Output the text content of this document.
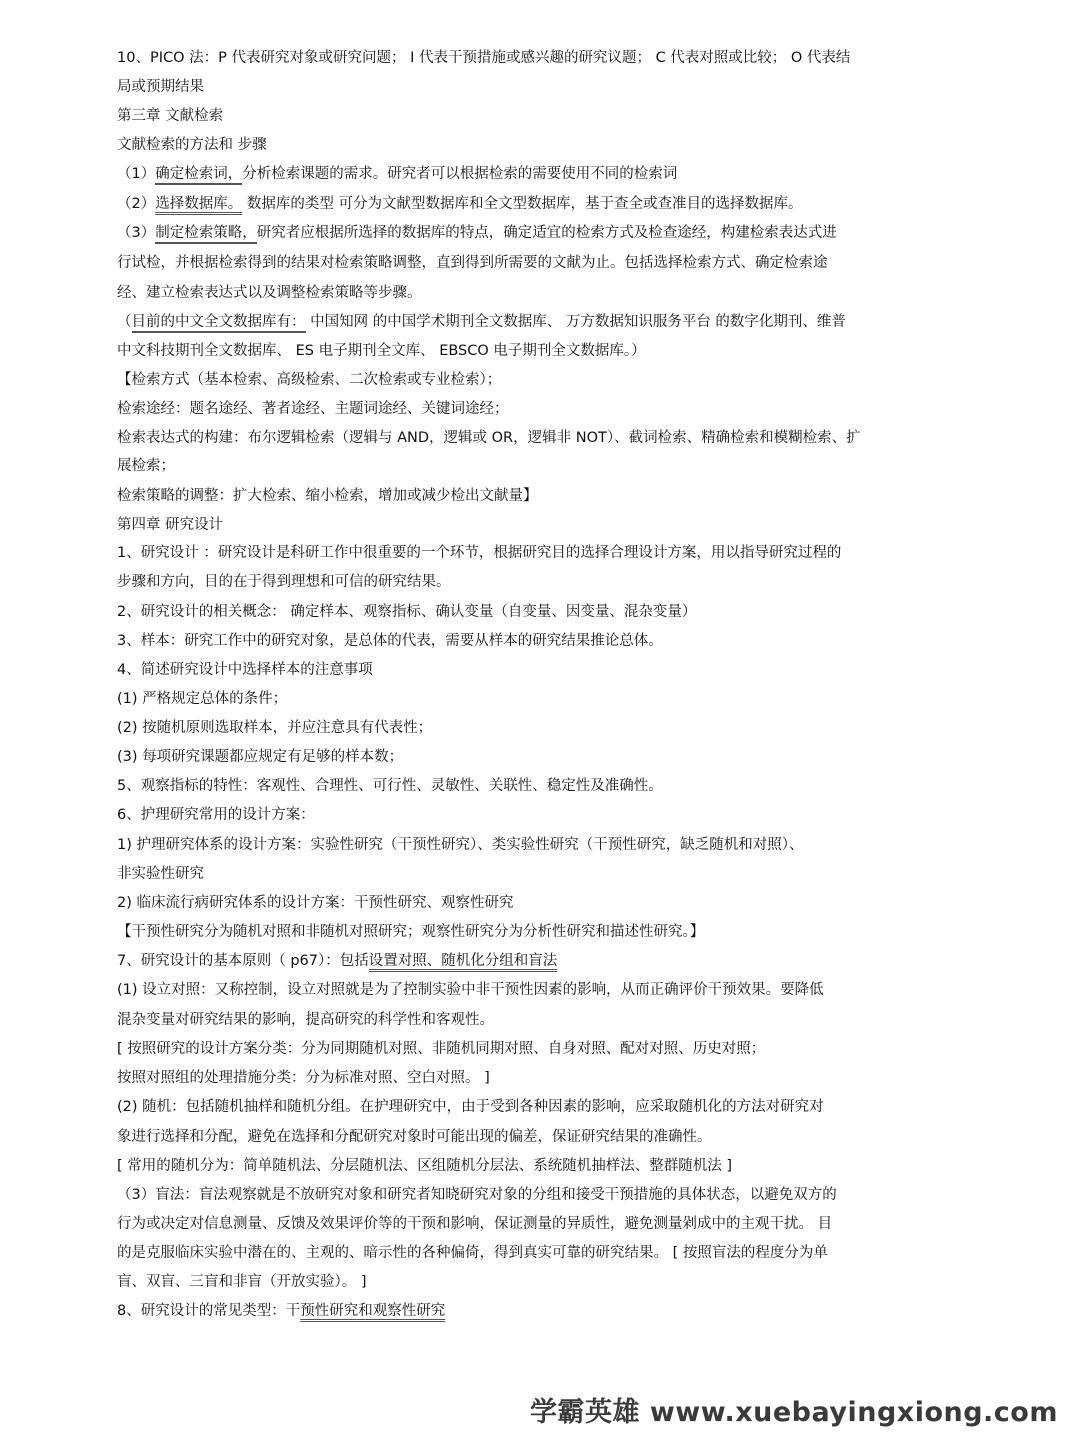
10、PICO 法：P 代表研究对象或研究问题； I 代表干预措施或感兴趣的研究议题； C 代表对照或比较； O 代表结
局或预期结果
第三章 文献检索
文献检索的方法和 步骤
（1）确定检索词，分析检索课题的需求。研究者可以根据检索的需要使用不同的检索词
（2）选择数据库。 数据库的类型 可分为文献型数据库和全文型数据库，基于查全或查准目的选择数据库。
（3）制定检索策略，研究者应根据所选择的数据库的特点，确定适宜的检索方式及检查途经，构建检索表达式进
行试检，并根据检索得到的结果对检索策略调整，直到得到所需要的文献为止。包括选择检索方式、确定检索途
经、建立检索表达式以及调整检索策略等步骤。
（目前的中文全文数据库有： 中国知网 的中国学术期刊全文数据库、 万方数据知识服务平台 的数字化期刊、维普
中文科技期刊全文数据库、 ES 电子期刊全文库、 EBSCO 电子期刊全文数据库。）
【检索方式（基本检索、高级检索、二次检索或专业检索）；
检索途经：题名途经、著者途经、主题词途经、关键词途经；
检索表达式的构建：布尔逻辑检索（逻辑与 AND，逻辑或 OR，逻辑非 NOT）、截词检索、精确检索和模糊检索、扩
展检索；
检索策略的调整：扩大检索、缩小检索，增加或减少检出文献量】
第四章 研究设计
1、研究设计 ：研究设计是科研工作中很重要的一个环节，根据研究目的选择合理设计方案，用以指导研究过程的
步骤和方向，目的在于得到理想和可信的研究结果。
2、研究设计的相关概念： 确定样本、观察指标、确认变量（自变量、因变量、混杂变量）
3、样本：研究工作中的研究对象，是总体的代表，需要从样本的研究结果推论总体。
4、简述研究设计中选择样本的注意事项
(1) 严格规定总体的条件；
(2) 按随机原则选取样本，并应注意具有代表性；
(3) 每项研究课题都应规定有足够的样本数；
5、观察指标的特性：客观性、合理性、可行性、灵敏性、关联性、稳定性及准确性。
6、护理研究常用的设计方案：
1) 护理研究体系的设计方案：实验性研究（干预性研究）、类实验性研究（干预性研究，缺乏随机和对照）、
非实验性研究
2) 临床流行病研究体系的设计方案：干预性研究、观察性研究
【干预性研究分为随机对照和非随机对照研究；观察性研究分为分析性研究和描述性研究。】
7、研究设计的基本原则（ p67）：包括设置对照、随机化分组和盲法
(1) 设立对照：又称控制，设立对照就是为了控制实验中非干预性因素的影响，从而正确评价干预效果。要降低
混杂变量对研究结果的影响，提高研究的科学性和客观性。
[ 按照研究的设计方案分类：分为同期随机对照、非随机同期对照、自身对照、配对对照、历史对照；
按照对照组的处理措施分类：分为标准对照、空白对照。 ]
(2) 随机：包括随机抽样和随机分组。在护理研究中，由于受到各种因素的影响，应采取随机化的方法对研究对
象进行选择和分配，避免在选择和分配研究对象时可能出现的偏差，保证研究结果的准确性。
[ 常用的随机分为：简单随机法、分层随机法、区组随机分层法、系统随机抽样法、整群随机法 ]
（3）盲法：盲法观察就是不放研究对象和研究者知晓研究对象的分组和接受干预措施的具体状态，以避免双方的
行为或决定对信息测量、反馈及效果评价等的干预和影响，保证测量的异质性，避免测量剁成中的主观干扰。 目
的是克服临床实验中潜在的、主观的、暗示性的各种偏倚，得到真实可靠的研究结果。 [ 按照盲法的程度分为单
盲、双盲、三盲和非盲（开放实验）。 ]
8、研究设计的常见类型：干预性研究和观察性研究
学霸英雄 www.xuebayingxiong.com
